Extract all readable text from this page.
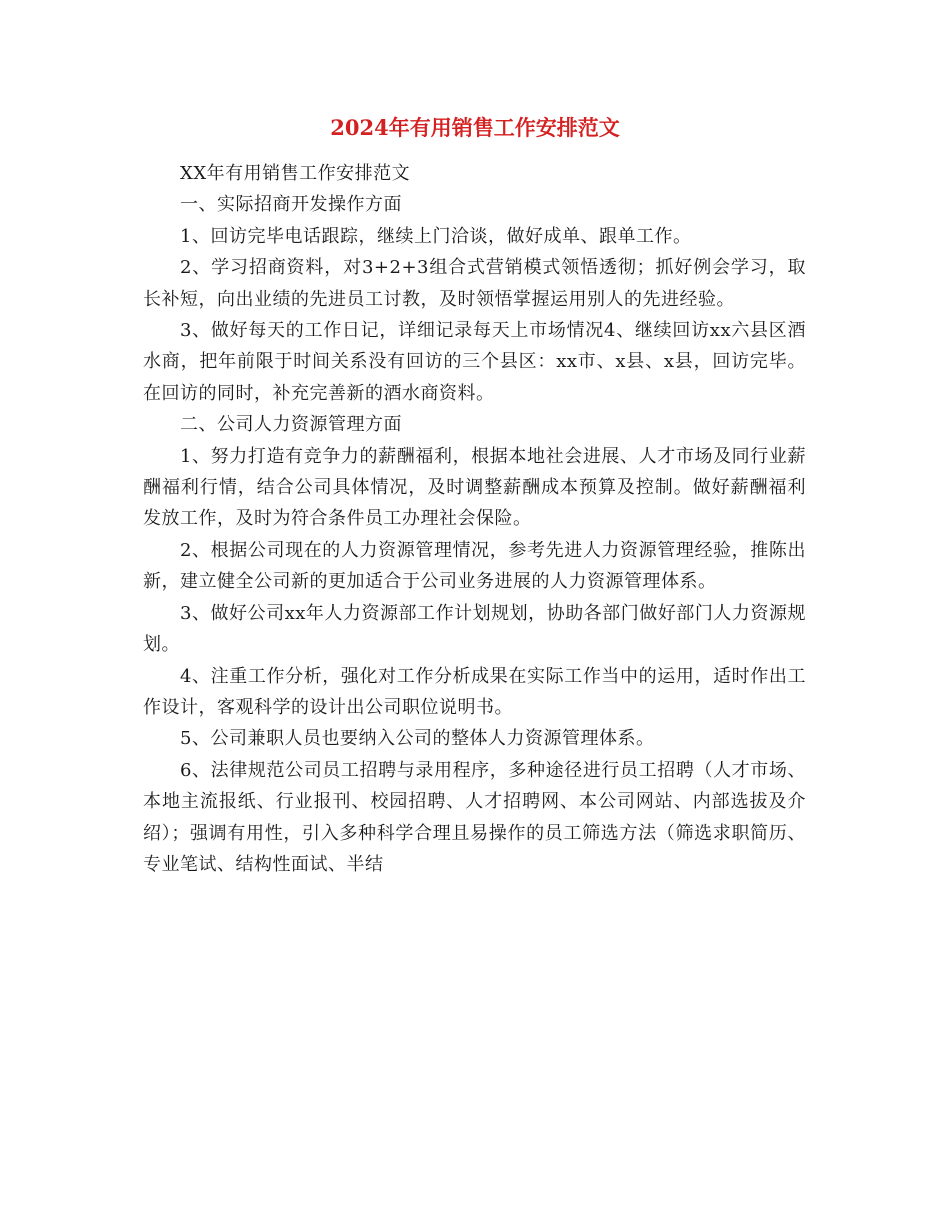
2024年有用销售工作安排范文

XX年有用销售工作安排范文

一、实际招商开发操作方面

1、回访完毕电话跟踪，继续上门洽谈，做好成单、跟单工作。

2、学习招商资料，对3+2+3组合式营销模式领悟透彻；抓好例会学习，取长补短，向出业绩的先进员工讨教，及时领悟掌握运用别人的先进经验。

3、做好每天的工作日记，详细记录每天上市场情况4、继续回访xx六县区酒水商，把年前限于时间关系没有回访的三个县区：xx市、x县、x县，回访完毕。在回访的同时，补充完善新的酒水商资料。

二、公司人力资源管理方面

1、努力打造有竞争力的薪酬福利，根据本地社会进展、人才市场及同行业薪酬福利行情，结合公司具体情况，及时调整薪酬成本预算及控制。做好薪酬福利发放工作，及时为符合条件员工办理社会保险。

2、根据公司现在的人力资源管理情况，参考先进人力资源管理经验，推陈出新，建立健全公司新的更加适合于公司业务进展的人力资源管理体系。

3、做好公司xx年人力资源部工作计划规划，协助各部门做好部门人力资源规划。

4、注重工作分析，强化对工作分析成果在实际工作当中的运用，适时作出工作设计，客观科学的设计出公司职位说明书。

5、公司兼职人员也要纳入公司的整体人力资源管理体系。

6、法律规范公司员工招聘与录用程序，多种途径进行员工招聘（人才市场、本地主流报纸、行业报刊、校园招聘、人才招聘网、本公司网站、内部选拔及介绍）；强调有用性，引入多种科学合理且易操作的员工筛选方法（筛选求职简历、专业笔试、结构性面试、半结
